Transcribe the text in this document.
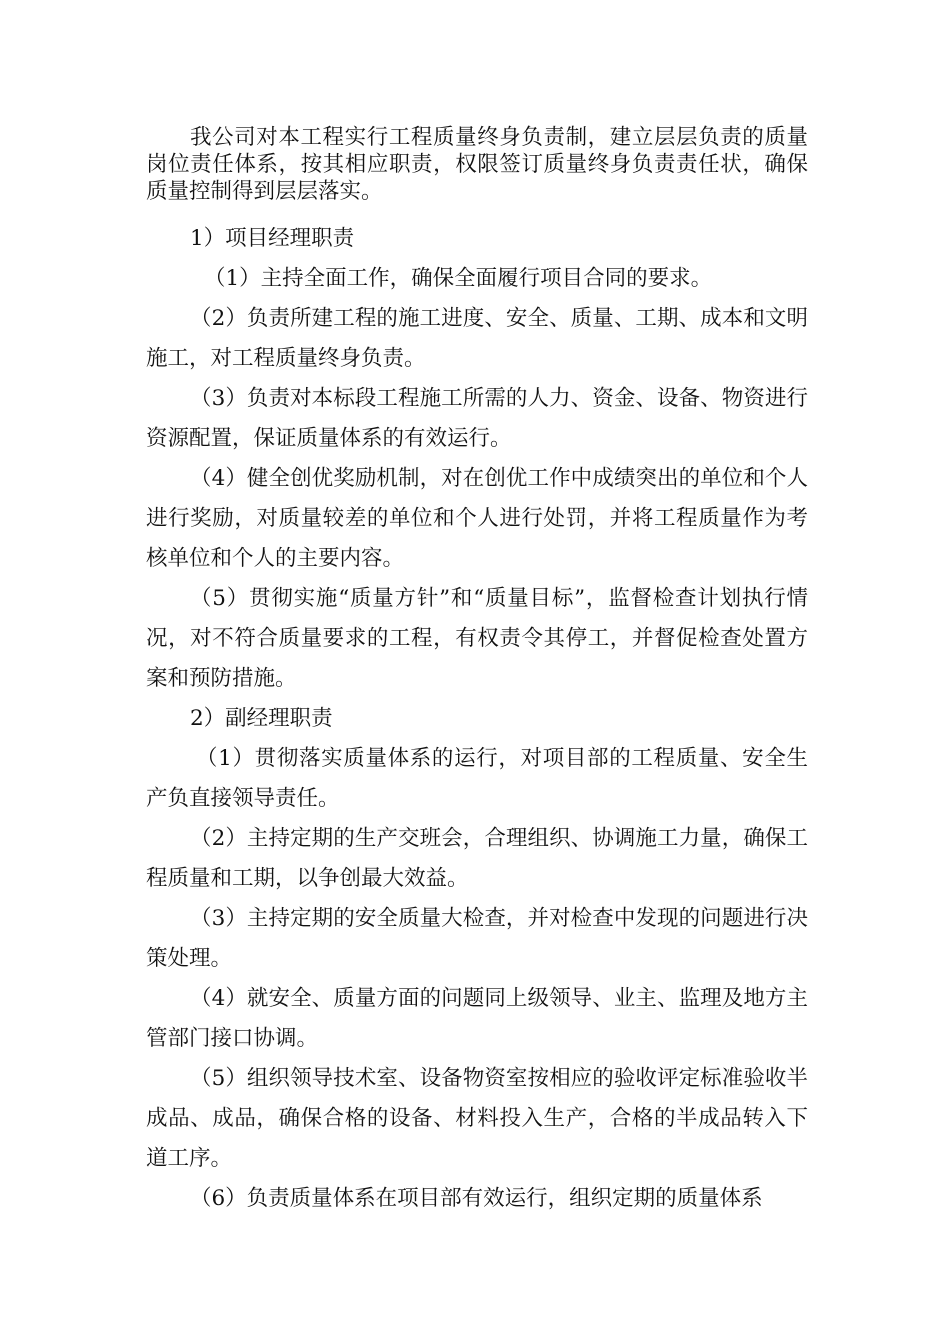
我公司对本工程实行工程质量终身负责制，建立层层负责的质量岗位责任体系，按其相应职责，权限签订质量终身负责责任状，确保质量控制得到层层落实。

1）项目经理职责

（1）主持全面工作，确保全面履行项目合同的要求。

（2）负责所建工程的施工进度、安全、质量、工期、成本和文明施工，对工程质量终身负责。

（3）负责对本标段工程施工所需的人力、资金、设备、物资进行资源配置，保证质量体系的有效运行。

（4）健全创优奖励机制，对在创优工作中成绩突出的单位和个人进行奖励，对质量较差的单位和个人进行处罚，并将工程质量作为考核单位和个人的主要内容。

（5）贯彻实施“质量方针”和“质量目标”，监督检查计划执行情况，对不符合质量要求的工程，有权责令其停工，并督促检查处置方案和预防措施。

2）副经理职责

（1）贯彻落实质量体系的运行，对项目部的工程质量、安全生产负直接领导责任。

（2）主持定期的生产交班会，合理组织、协调施工力量，确保工程质量和工期，以争创最大效益。

（3）主持定期的安全质量大检查，并对检查中发现的问题进行决策处理。

（4）就安全、质量方面的问题同上级领导、业主、监理及地方主管部门接口协调。

（5）组织领导技术室、设备物资室按相应的验收评定标准验收半成品、成品，确保合格的设备、材料投入生产，合格的半成品转入下道工序。

（6）负责质量体系在项目部有效运行，组织定期的质量体系
